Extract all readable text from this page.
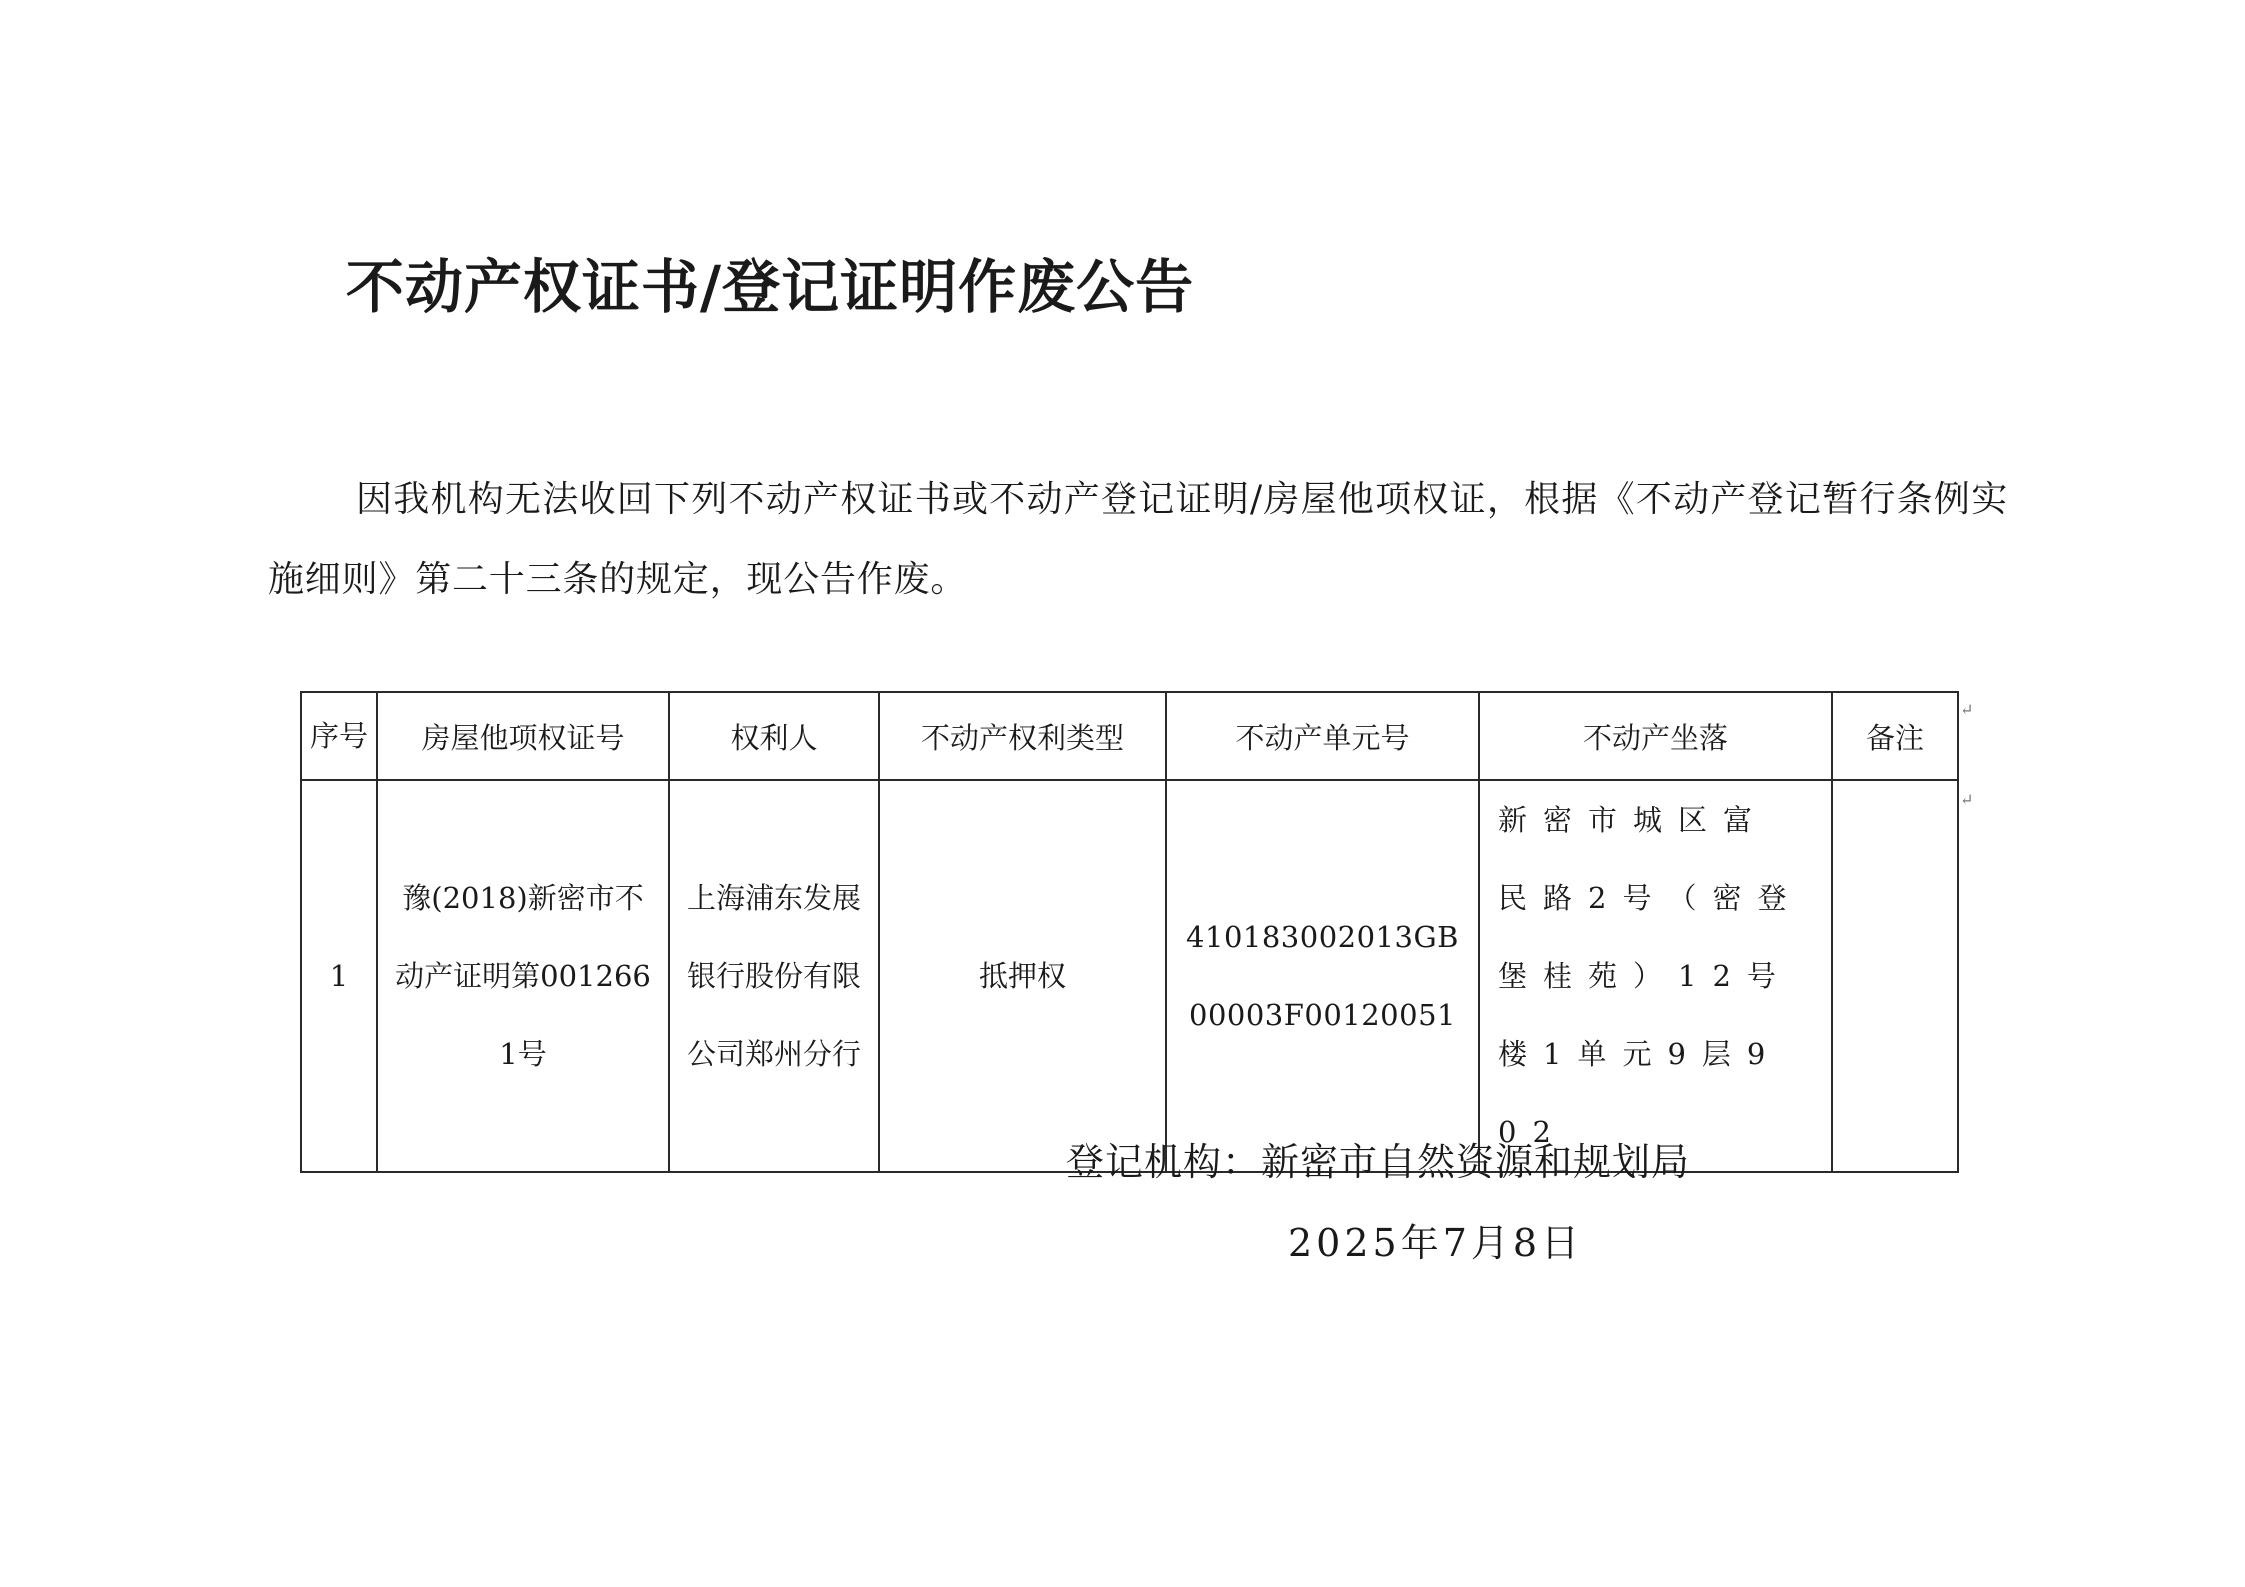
不动产权证书/登记证明作废公告

因我机构无法收回下列不动产权证书或不动产登记证明/房屋他项权证，根据《不动产登记暂行条例实施细则》第二十三条的规定，现公告作废。

序号	房屋他项权证号	权利人	不动产权利类型	不动产单元号	不动产坐落	备注
1	豫(2018)新密市不动产证明第0012661号	上海浦东发展银行股份有限公司郑州分行	抵押权	410183002013GB00003F00120051	新密市城区富民路2号（密登堡桂苑）12号楼1单元9层902	
↵
↵

登记机构：新密市自然资源和规划局

2025年7月8日
